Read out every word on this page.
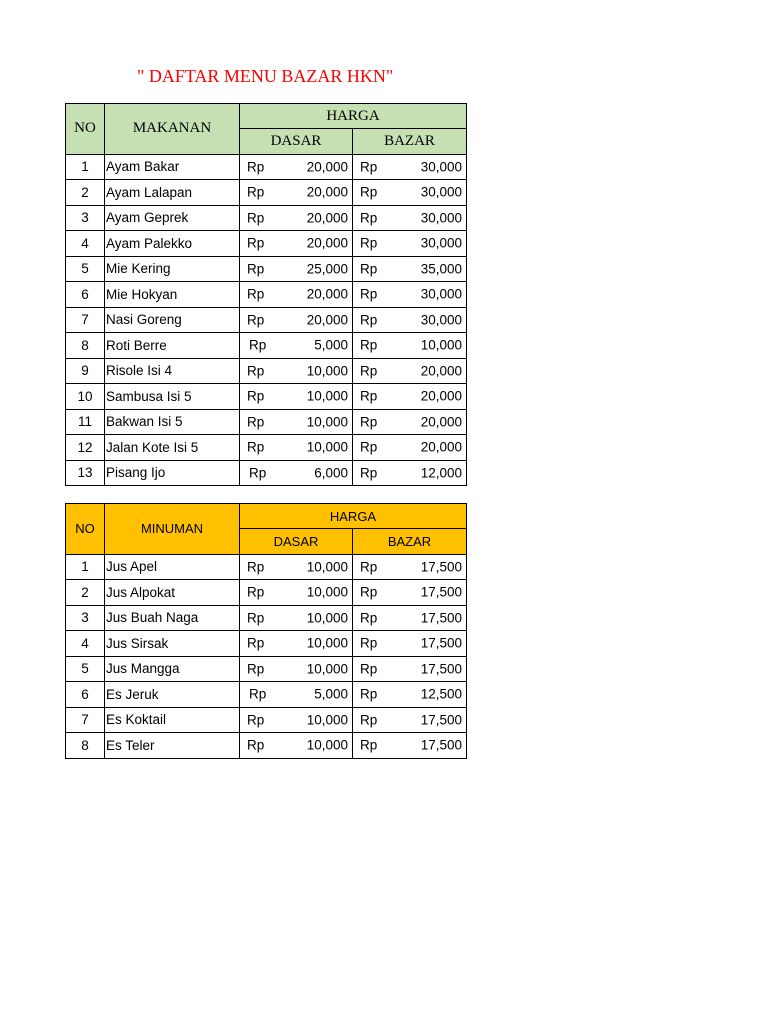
" DAFTAR MENU BAZAR HKN"
NO	MAKANAN	HARGA	
		DASAR	BAZAR
1	Ayam Bakar	Rp 20,000	Rp 30,000

2	Ayam Lalapan	Rp 20,000	Rp 30,000

3	Ayam Geprek	Rp 20,000	Rp 30,000

4	Ayam Palekko	Rp 20,000	Rp 30,000

5	Mie Kering	Rp 25,000	Rp 35,000

6	Mie Hokyan	Rp 20,000	Rp 30,000

7	Nasi Goreng	Rp 20,000	Rp 30,000

8	Roti Berre	Rp 5,000	Rp 10,000

9	Risole Isi 4	Rp 10,000	Rp 20,000

10	Sambusa Isi 5	Rp 10,000	Rp 20,000

11	Bakwan Isi 5	Rp 10,000	Rp 20,000

12	Jalan Kote Isi 5	Rp 10,000	Rp 20,000

13	Pisang Ijo	Rp 6,000	Rp 12,000
NO	MINUMAN	HARGA	
		DASAR	BAZAR
1	Jus Apel	Rp 10,000	Rp 17,500

2	Jus Alpokat	Rp 10,000	Rp 17,500

3	Jus Buah Naga	Rp 10,000	Rp 17,500

4	Jus Sirsak	Rp 10,000	Rp 17,500

5	Jus Mangga	Rp 10,000	Rp 17,500

6	Es Jeruk	Rp 5,000	Rp 12,500

7	Es Koktail	Rp 10,000	Rp 17,500

8	Es Teler	Rp 10,000	Rp 17,500
